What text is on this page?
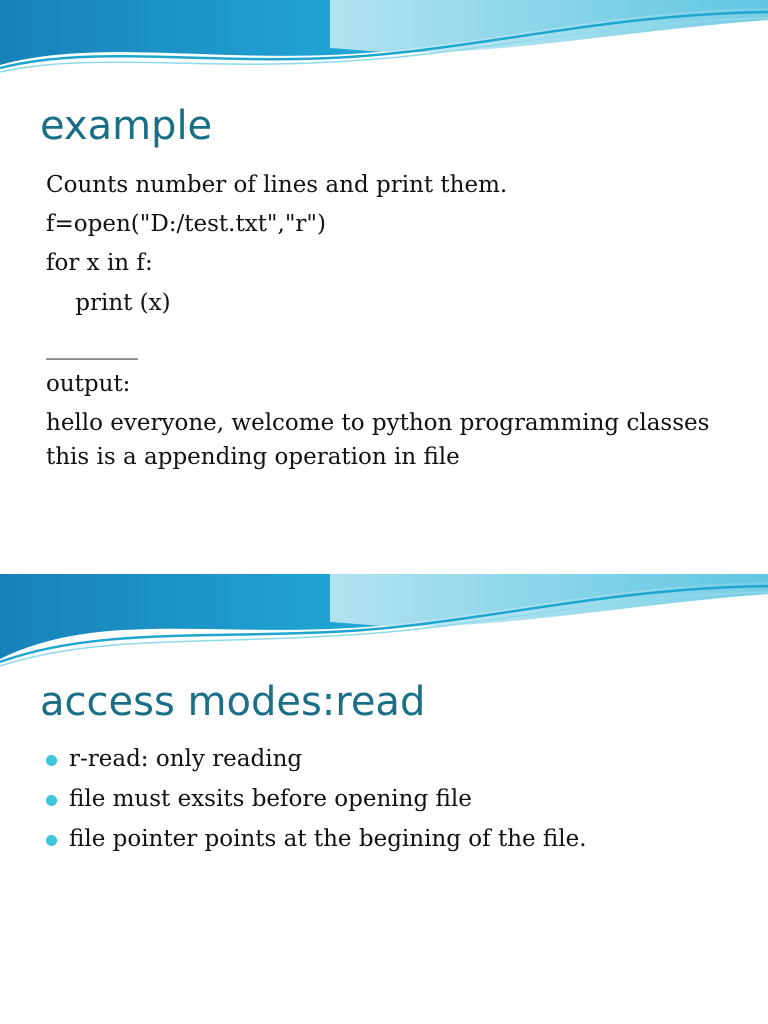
example
Counts number of lines and print them.
f=open("D:/test.txt","r")
for x in f:
print (x)
________
output:
hello everyone, welcome to python programming classes
this is a appending operation in file
access modes:read
r-read: only reading
file must exsits before opening file
file pointer points at the begining of the file.
